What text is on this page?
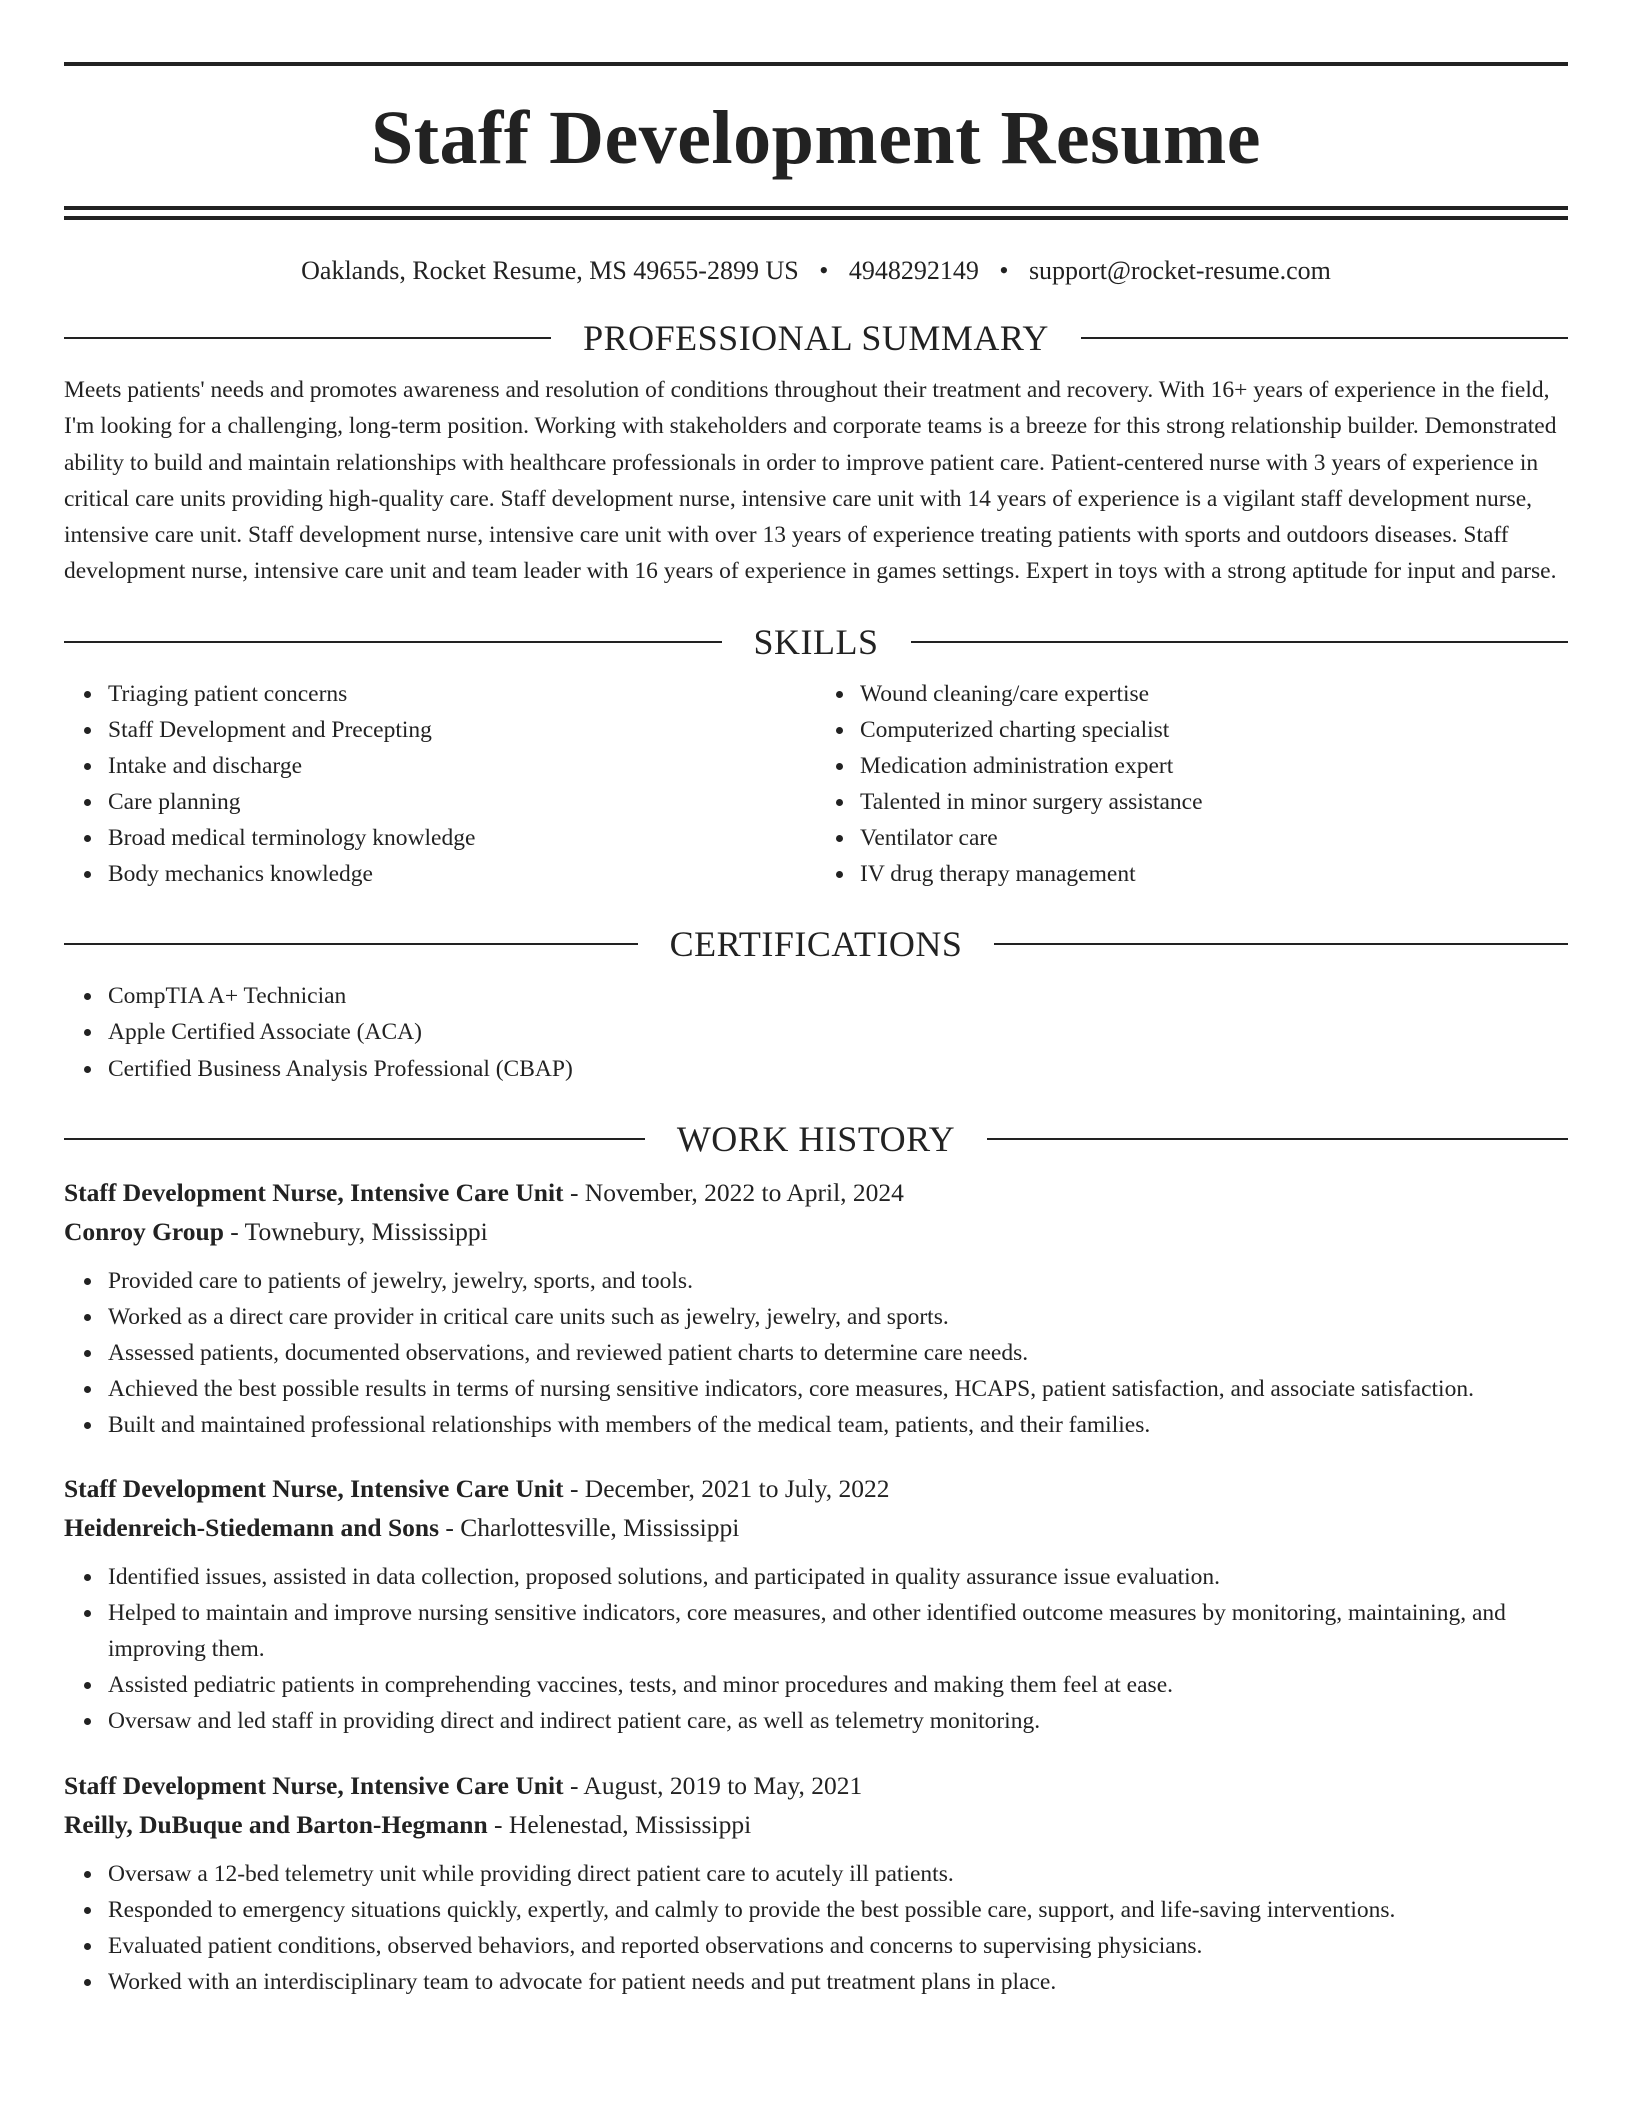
Staff Development Resume
Oaklands, Rocket Resume, MS 49655-2899 US • 4948292149 • support@rocket-resume.com
PROFESSIONAL SUMMARY

Meets patients' needs and promotes awareness and resolution of conditions throughout their treatment and recovery. With 16+ years of experience in the field, I'm looking for a challenging, long-term position. Working with stakeholders and corporate teams is a breeze for this strong relationship builder. Demonstrated ability to build and maintain relationships with healthcare professionals in order to improve patient care. Patient-centered nurse with 3 years of experience in critical care units providing high-quality care. Staff development nurse, intensive care unit with 14 years of experience is a vigilant staff development nurse, intensive care unit. Staff development nurse, intensive care unit with over 13 years of experience treating patients with sports and outdoors diseases. Staff development nurse, intensive care unit and team leader with 16 years of experience in games settings. Expert in toys with a strong aptitude for input and parse.

SKILLS
Triaging patient concerns
Staff Development and Precepting
Intake and discharge
Care planning
Broad medical terminology knowledge
Body mechanics knowledge
Wound cleaning/care expertise
Computerized charting specialist
Medication administration expert
Talented in minor surgery assistance
Ventilator care
IV drug therapy management
CERTIFICATIONS
CompTIA A+ Technician
Apple Certified Associate (ACA)
Certified Business Analysis Professional (CBAP)
WORK HISTORY
Staff Development Nurse, Intensive Care Unit - November, 2022 to April, 2024
Conroy Group - Townebury, Mississippi
Provided care to patients of jewelry, jewelry, sports, and tools.
Worked as a direct care provider in critical care units such as jewelry, jewelry, and sports.
Assessed patients, documented observations, and reviewed patient charts to determine care needs.
Achieved the best possible results in terms of nursing sensitive indicators, core measures, HCAPS, patient satisfaction, and associate satisfaction.
Built and maintained professional relationships with members of the medical team, patients, and their families.
Staff Development Nurse, Intensive Care Unit - December, 2021 to July, 2022
Heidenreich-Stiedemann and Sons - Charlottesville, Mississippi
Identified issues, assisted in data collection, proposed solutions, and participated in quality assurance issue evaluation.
Helped to maintain and improve nursing sensitive indicators, core measures, and other identified outcome measures by monitoring, maintaining, and improving them.
Assisted pediatric patients in comprehending vaccines, tests, and minor procedures and making them feel at ease.
Oversaw and led staff in providing direct and indirect patient care, as well as telemetry monitoring.
Staff Development Nurse, Intensive Care Unit - August, 2019 to May, 2021
Reilly, DuBuque and Barton-Hegmann - Helenestad, Mississippi
Oversaw a 12-bed telemetry unit while providing direct patient care to acutely ill patients.
Responded to emergency situations quickly, expertly, and calmly to provide the best possible care, support, and life-saving interventions.
Evaluated patient conditions, observed behaviors, and reported observations and concerns to supervising physicians.
Worked with an interdisciplinary team to advocate for patient needs and put treatment plans in place.
